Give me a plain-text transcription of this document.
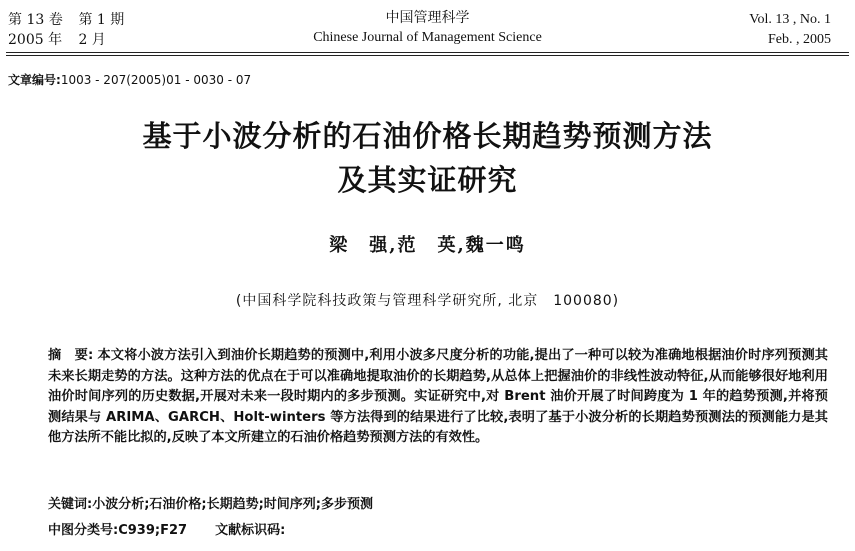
第 13 卷 第 1 期
2005 年 2 月
中国管理科学
Chinese Journal of Management Science
Vol. 13 , No. 1
Feb. , 2005
文章编号:1003 - 207(2005)01 - 0030 - 07
基于小波分析的石油价格长期趋势预测方法
及其实证研究
梁　强,范　英,魏一鸣
(中国科学院科技政策与管理科学研究所, 北京　100080)
摘　要: 本文将小波方法引入到油价长期趋势的预测中,利用小波多尺度分析的功能,提出了一种可以较为准确地根据油价时序列预测其未来长期走势的方法。这种方法的优点在于可以准确地提取油价的长期趋势,从总体上把握油价的非线性波动特征,从而能够很好地利用油价时间序列的历史数据,开展对未来一段时期内的多步预测。实证研究中,对 Brent 油价开展了时间跨度为 1 年的趋势预测,并将预测结果与 ARIMA、GARCH、Holt-winters 等方法得到的结果进行了比较,表明了基于小波分析的长期趋势预测法的预测能力是其他方法所不能比拟的,反映了本文所建立的石油价格趋势预测方法的有效性。
关键词:小波分析;石油价格;长期趋势;时间序列;多步预测
中图分类号:C939;F27 文献标识码:
